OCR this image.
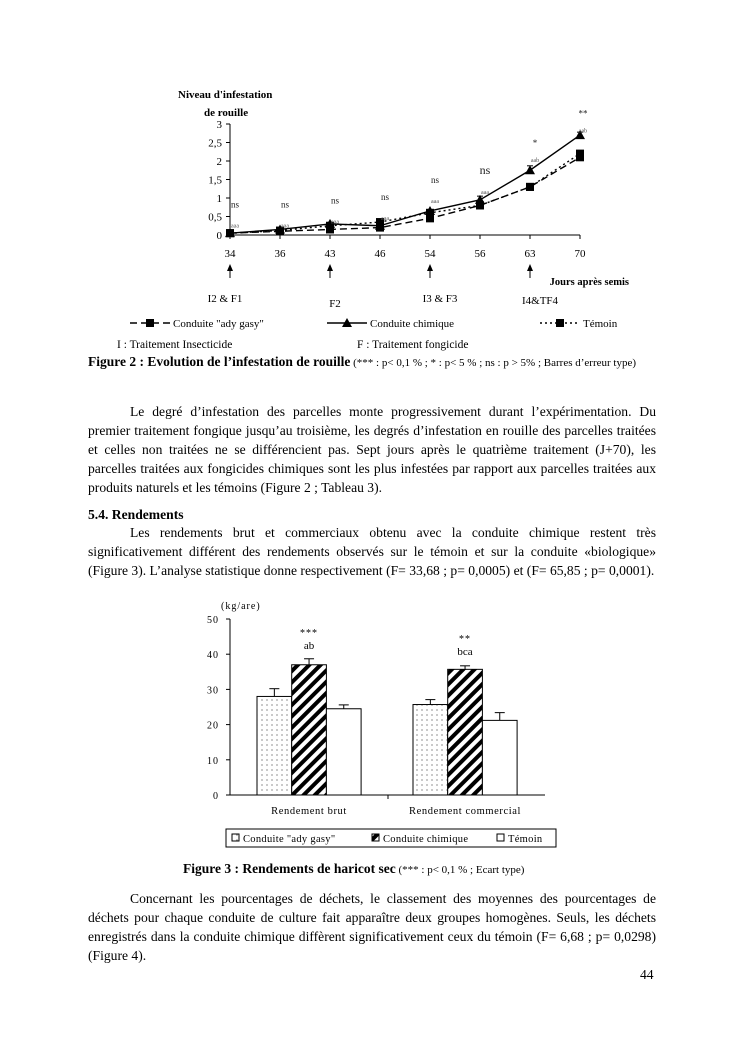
Niveau d'infestation
de rouille
0
0,5
1
1,5
2
2,5
3
34	36	43	46	54	56	63	70
Jours après semis
ns
aaa
ns
aaa
ns
aaa
ns
aaa
ns
aaa
ns
aaa
*
aab
**
aab
I2 & F1	F2	I3 & F3	I4&TF4
Conduite "ady gasy"	Conduite chimique	Témoin
I : Traitement Insecticide	F : Traitement fongicide
Figure 2 : Evolution de l’infestation de rouille (*** : p< 0,1 % ; * : p< 5 % ; ns : p > 5% ; Barres d’erreur type)
Le degré d’infestation des parcelles monte progressivement durant l’expérimentation. Du premier traitement fongique jusqu’au troisième, les degrés d’infestation en rouille des parcelles traitées et celles non traitées ne se différencient pas. Sept jours après le quatrième traitement (J+70), les parcelles traitées aux fongicides chimiques sont les plus infestées par rapport aux parcelles traitées aux produits naturels et les témoins (Figure 2 ; Tableau 3).
5.4. Rendements
Les rendements brut et commerciaux obtenu avec la conduite chimique restent très significativement différent des rendements observés sur le témoin et sur la conduite «biologique» (Figure 3). L’analyse statistique donne respectivement (F= 33,68 ; p= 0,0005) et (F= 65,85 ; p= 0,0001).
(kg/are)
0
10
20
30
40
50
***
ab
Rendement brut
**
bca
Rendement commercial
Conduite "ady gasy"	Conduite chimique	Témoin
Figure 3 : Rendements de haricot sec (*** : p< 0,1 % ; Ecart type)
Concernant les pourcentages de déchets, le classement des moyennes des pourcentages de déchets pour chaque conduite de culture fait apparaître deux groupes homogènes. Seuls, les déchets enregistrés dans la conduite chimique diffèrent significativement ceux du témoin (F= 6,68 ; p= 0,0298) (Figure 4).
44
